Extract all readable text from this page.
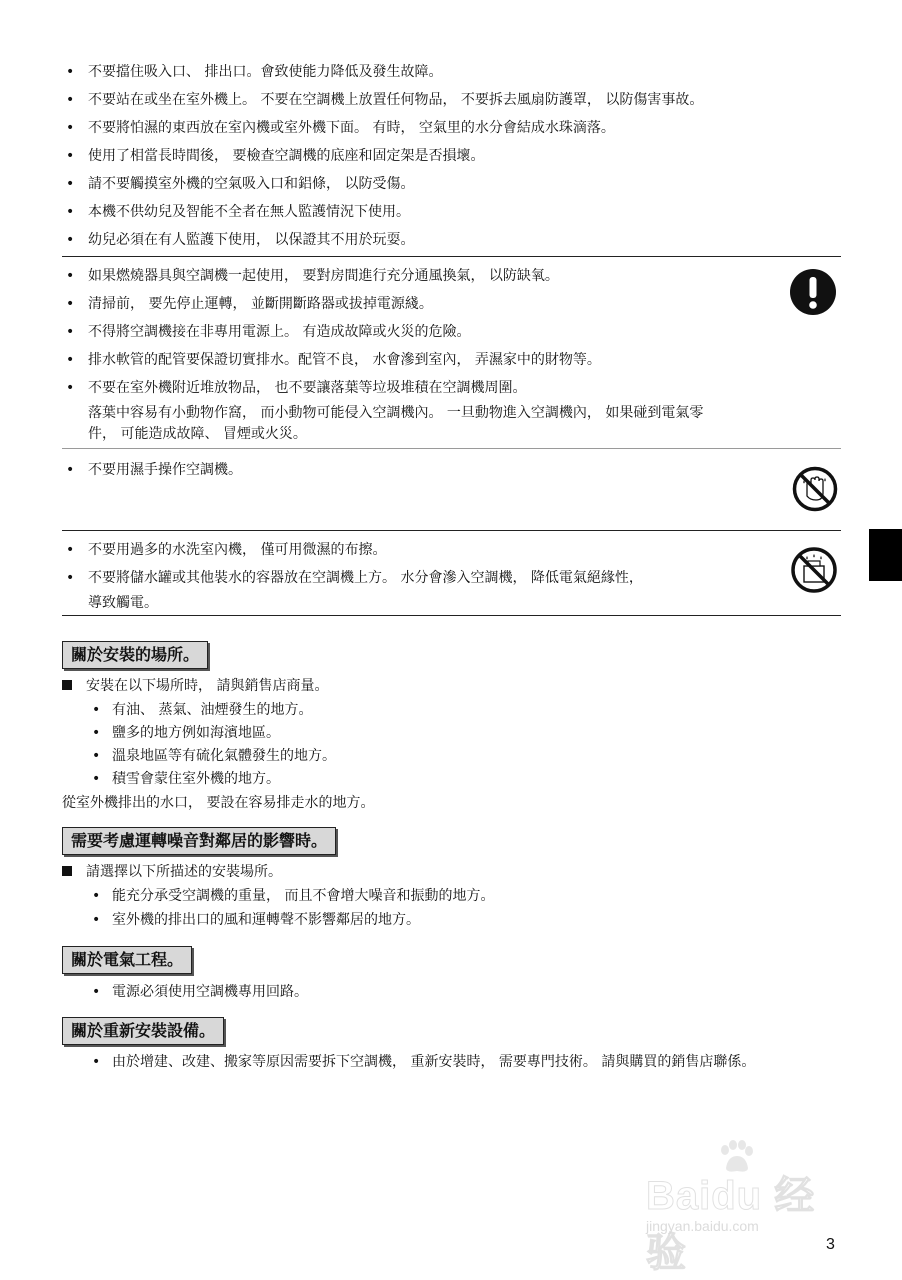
• 不要擋住吸入口、 排出口。會致使能力降低及發生故障。
• 不要站在或坐在室外機上。 不要在空調機上放置任何物品， 不要拆去風扇防護罩， 以防傷害事故。
• 不要將怕濕的東西放在室內機或室外機下面。 有時， 空氣里的水分會結成水珠滴落。
• 使用了相當長時間後， 要檢查空調機的底座和固定架是否損壞。
• 請不要觸摸室外機的空氣吸入口和鋁條， 以防受傷。
• 本機不供幼兒及智能不全者在無人監護情況下使用。
• 幼兒必須在有人監護下使用， 以保證其不用於玩耍。
• 如果燃燒器具與空調機一起使用， 要對房間進行充分通風換氣， 以防缺氧。
• 清掃前， 要先停止運轉， 並斷開斷路器或拔掉電源綫。
• 不得將空調機接在非專用電源上。 有造成故障或火災的危險。
• 排水軟管的配管要保證切實排水。配管不良， 水會滲到室內， 弄濕家中的財物等。
• 不要在室外機附近堆放物品， 也不要讓落葉等垃圾堆積在空調機周圍。
落葉中容易有小動物作窩， 而小動物可能侵入空調機內。 一旦動物進入空調機內， 如果碰到電氣零
件， 可能造成故障、 冒煙或火災。
• 不要用濕手操作空調機。
• 不要用過多的水洗室內機， 僅可用微濕的布擦。
• 不要將儲水罐或其他裝水的容器放在空調機上方。 水分會滲入空調機， 降低電氣絕緣性，
導致觸電。
關於安裝的場所。
安裝在以下場所時， 請與銷售店商量。
• 有油、 蒸氣、油煙發生的地方。
• 鹽多的地方例如海濱地區。
• 溫泉地區等有硫化氣體發生的地方。
• 積雪會蒙住室外機的地方。
從室外機排出的水口， 要設在容易排走水的地方。
需要考慮運轉噪音對鄰居的影響時。
請選擇以下所描述的安裝場所。
• 能充分承受空調機的重量， 而且不會增大噪音和振動的地方。
• 室外機的排出口的風和運轉聲不影響鄰居的地方。
關於電氣工程。
• 電源必須使用空調機專用回路。
關於重新安裝設備。
• 由於增建、改建、搬家等原因需要拆下空調機， 重新安裝時， 需要專門技術。 請與購買的銷售店聯係。
Baidu 经验
jingyan.baidu.com
3
